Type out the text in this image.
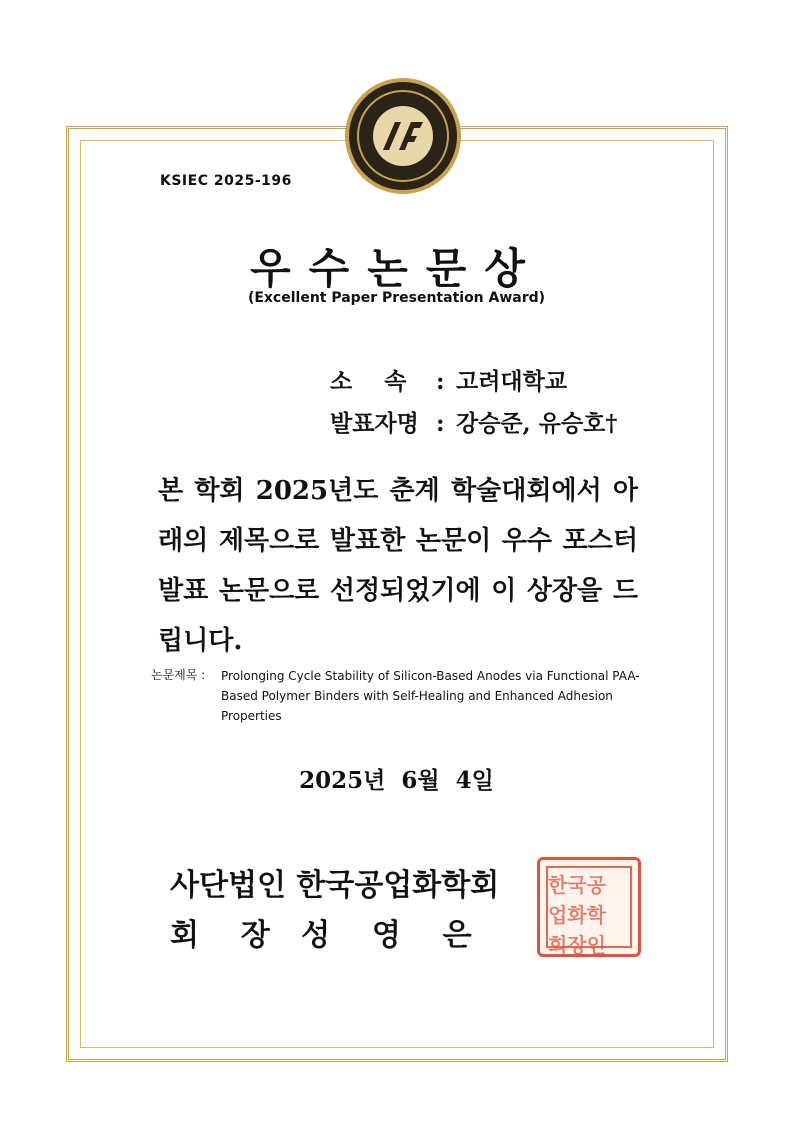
KSIEC 2025-196
우수논문상
(Excellent Paper Presentation Award)
소    속 : 고려대학교
발표자명 : 강승준, 유승호†
본 학회 2025년도 춘계 학술대회에서 아래의 제목으로 발표한 논문이 우수 포스터발표 논문으로 선정되었기에 이 상장을 드립니다.
논문제목 : Prolonging Cycle Stability of Silicon-Based Anodes via Functional PAA-Based Polymer Binders with Self-Healing and Enhanced Adhesion Properties
2025년  6월  4일
사단법인 한국공업화학회
회    장   성    영    은
한국공업화학회장인
